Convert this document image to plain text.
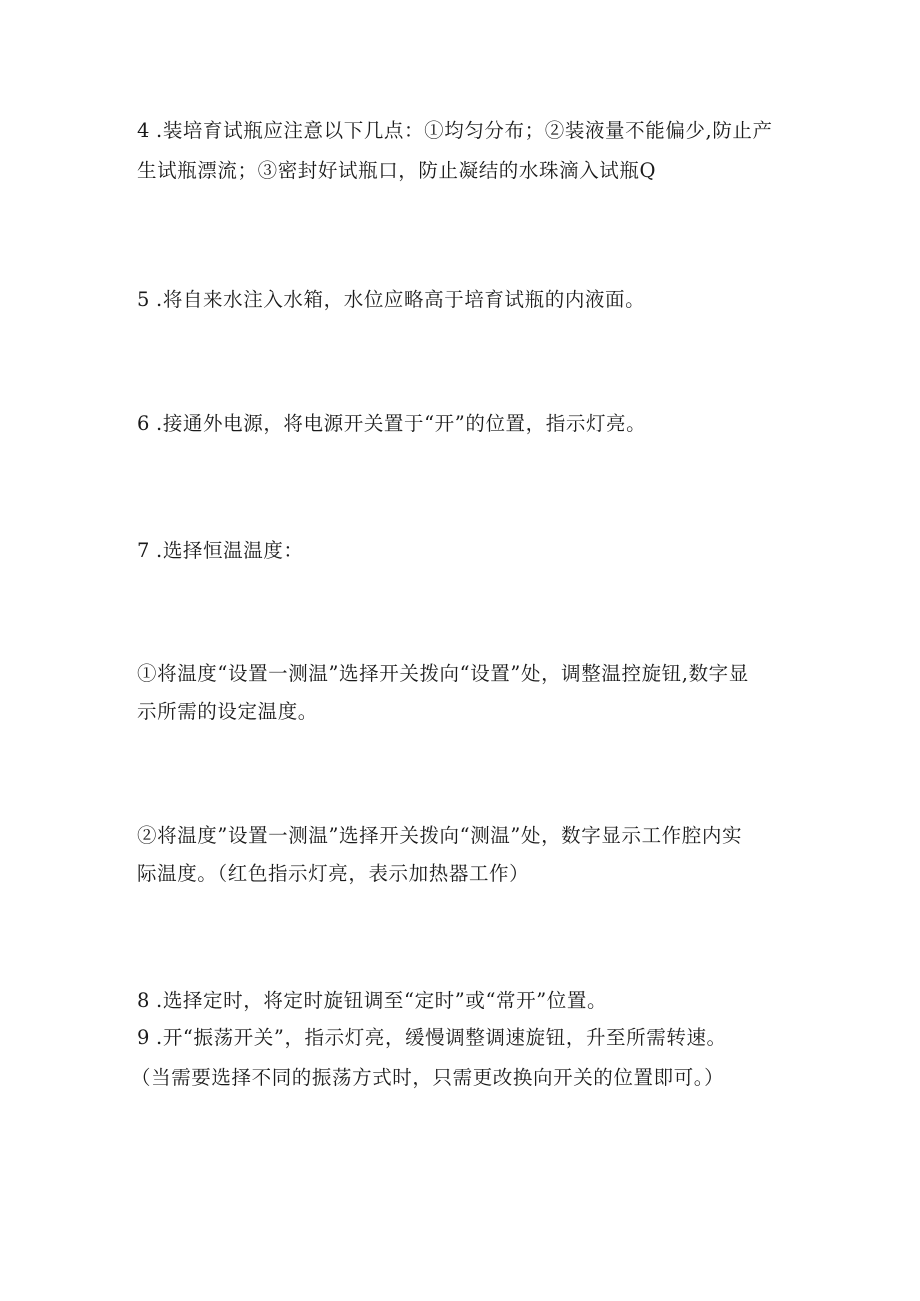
4 .装培育试瓶应注意以下几点：①均匀分布；②装液量不能偏少,防止产
生试瓶漂流；③密封好试瓶口，防止凝结的水珠滴入试瓶Q
5 .将自来水注入水箱，水位应略高于培育试瓶的内液面。
6 .接通外电源，将电源开关置于“开”的位置，指示灯亮。
7 .选择恒温温度：
①将温度“设置一测温”选择开关拨向“设置”处，调整温控旋钮,数字显
示所需的设定温度。
②将温度”设置一测温”选择开关拨向“测温”处，数字显示工作腔内实
际温度。（红色指示灯亮，表示加热器工作）
8 .选择定时，将定时旋钮调至“定时”或“常开”位置。
9 .开“振荡开关”，指示灯亮，缓慢调整调速旋钮，升至所需转速。
（当需要选择不同的振荡方式时，只需更改换向开关的位置即可。）
